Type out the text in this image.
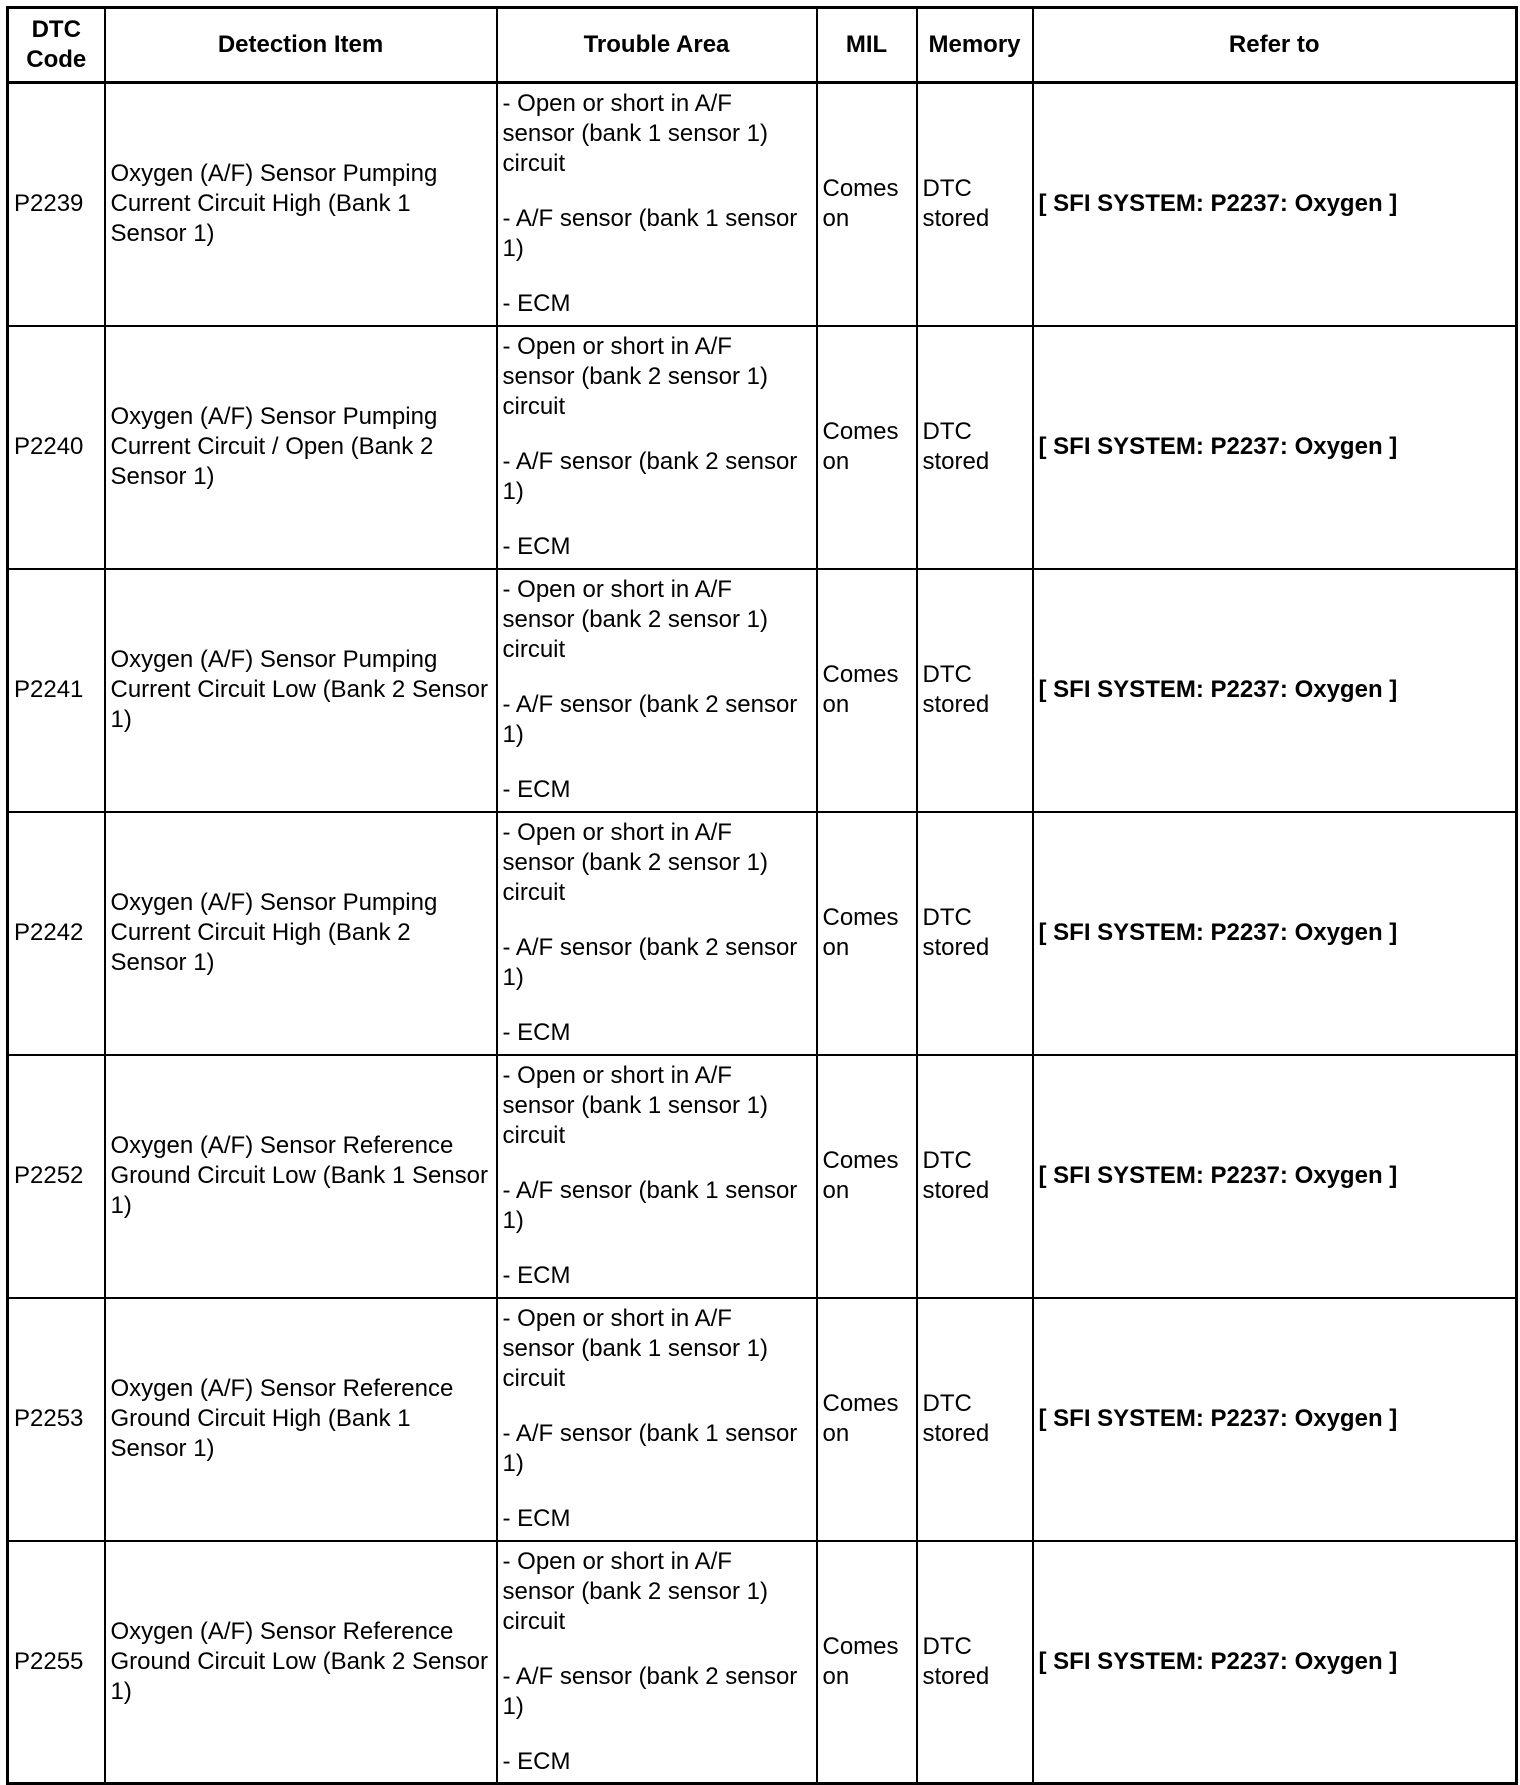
DTC
Code	Detection Item	Trouble Area	MIL	Memory	Refer to
P2239	Oxygen (A/F) Sensor Pumping Current Circuit High (Bank 1 Sensor 1)	- Open or short in A/F sensor (bank 1 sensor 1) circuit

- A/F sensor (bank 1 sensor 1)

- ECM	Comes on	DTC stored	[ SFI SYSTEM: P2237: Oxygen ]
P2240	Oxygen (A/F) Sensor Pumping Current Circuit / Open (Bank 2 Sensor 1)	- Open or short in A/F sensor (bank 2 sensor 1) circuit

- A/F sensor (bank 2 sensor 1)

- ECM	Comes on	DTC stored	[ SFI SYSTEM: P2237: Oxygen ]
P2241	Oxygen (A/F) Sensor Pumping Current Circuit Low (Bank 2 Sensor 1)	- Open or short in A/F sensor (bank 2 sensor 1) circuit

- A/F sensor (bank 2 sensor 1)

- ECM	Comes on	DTC stored	[ SFI SYSTEM: P2237: Oxygen ]
P2242	Oxygen (A/F) Sensor Pumping Current Circuit High (Bank 2 Sensor 1)	- Open or short in A/F sensor (bank 2 sensor 1) circuit

- A/F sensor (bank 2 sensor 1)

- ECM	Comes on	DTC stored	[ SFI SYSTEM: P2237: Oxygen ]
P2252	Oxygen (A/F) Sensor Reference Ground Circuit Low (Bank 1 Sensor 1)	- Open or short in A/F sensor (bank 1 sensor 1) circuit

- A/F sensor (bank 1 sensor 1)

- ECM	Comes on	DTC stored	[ SFI SYSTEM: P2237: Oxygen ]
P2253	Oxygen (A/F) Sensor Reference Ground Circuit High (Bank 1 Sensor 1)	- Open or short in A/F sensor (bank 1 sensor 1) circuit

- A/F sensor (bank 1 sensor 1)

- ECM	Comes on	DTC stored	[ SFI SYSTEM: P2237: Oxygen ]
P2255	Oxygen (A/F) Sensor Reference Ground Circuit Low (Bank 2 Sensor 1)	- Open or short in A/F sensor (bank 2 sensor 1) circuit

- A/F sensor (bank 2 sensor 1)

- ECM	Comes on	DTC stored	[ SFI SYSTEM: P2237: Oxygen ]
